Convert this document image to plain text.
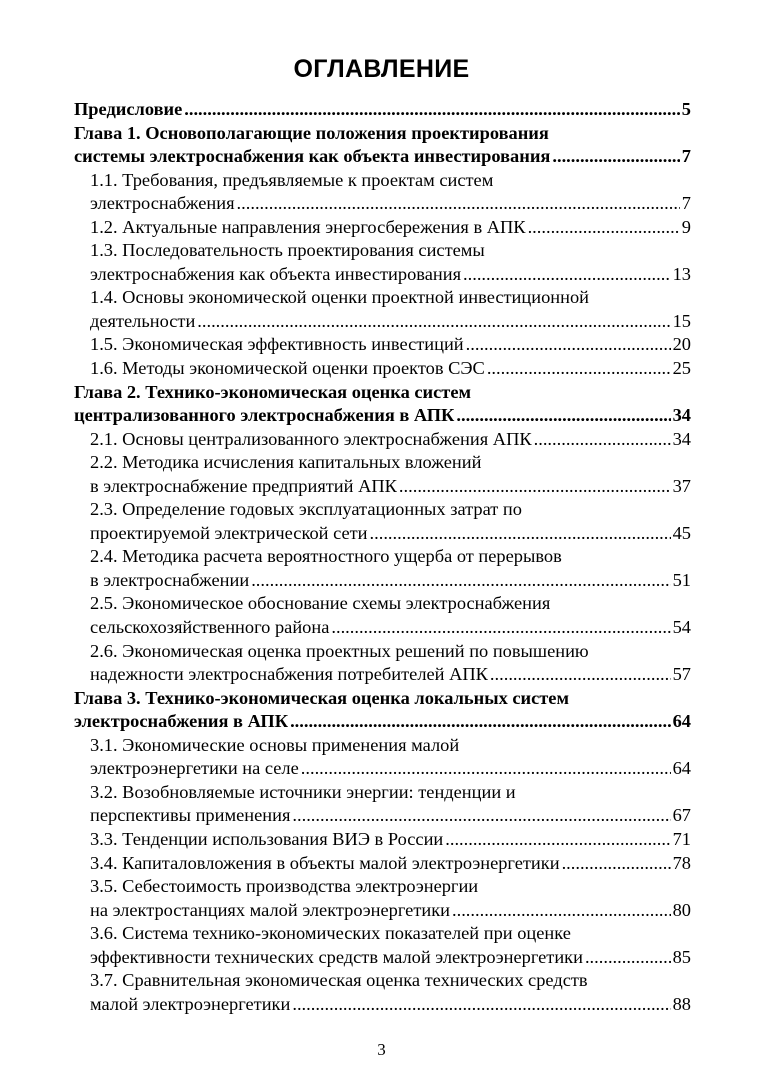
ОГЛАВЛЕНИЕ
Предисловие .....	5
Глава 1. Основополагающие положения проектирования
системы электроснабжения как объекта инвестирования .....	7
1.1. Требования, предъявляемые к проектам систем
электроснабжения .....	7
1.2. Актуальные направления энергосбережения в АПК .....	9
1.3. Последовательность проектирования системы
электроснабжения как объекта инвестирования .....	13
1.4. Основы экономической оценки проектной инвестиционной
деятельности .....	15
1.5. Экономическая эффективность инвестиций .....	20
1.6. Методы экономической оценки проектов СЭС .....	25
Глава 2. Технико-экономическая оценка систем
централизованного электроснабжения в АПК .....	34
2.1. Основы централизованного электроснабжения АПК .....	34
2.2. Методика исчисления капитальных вложений
в электроснабжение предприятий АПК .....	37
2.3. Определение годовых эксплуатационных затрат по
проектируемой электрической сети .....	45
2.4. Методика расчета вероятностного ущерба от перерывов
в электроснабжении .....	51
2.5. Экономическое обоснование схемы электроснабжения
сельскохозяйственного района .....	54
2.6. Экономическая оценка проектных решений по повышению
надежности электроснабжения потребителей АПК .....	57
Глава 3. Технико-экономическая оценка локальных систем
электроснабжения в АПК .....	64
3.1. Экономические основы применения малой
электроэнергетики на селе .....	64
3.2. Возобновляемые источники энергии: тенденции и
перспективы применения .....	67
3.3. Тенденции использования ВИЭ в России .....	71
3.4. Капиталовложения в объекты малой электроэнергетики .....	78
3.5. Себестоимость производства электроэнергии
на электростанциях малой электроэнергетики .....	80
3.6. Система технико-экономических показателей при оценке
эффективности технических средств малой электроэнергетики .....	85
3.7. Сравнительная экономическая оценка технических средств
малой электроэнергетики .....	88
3
